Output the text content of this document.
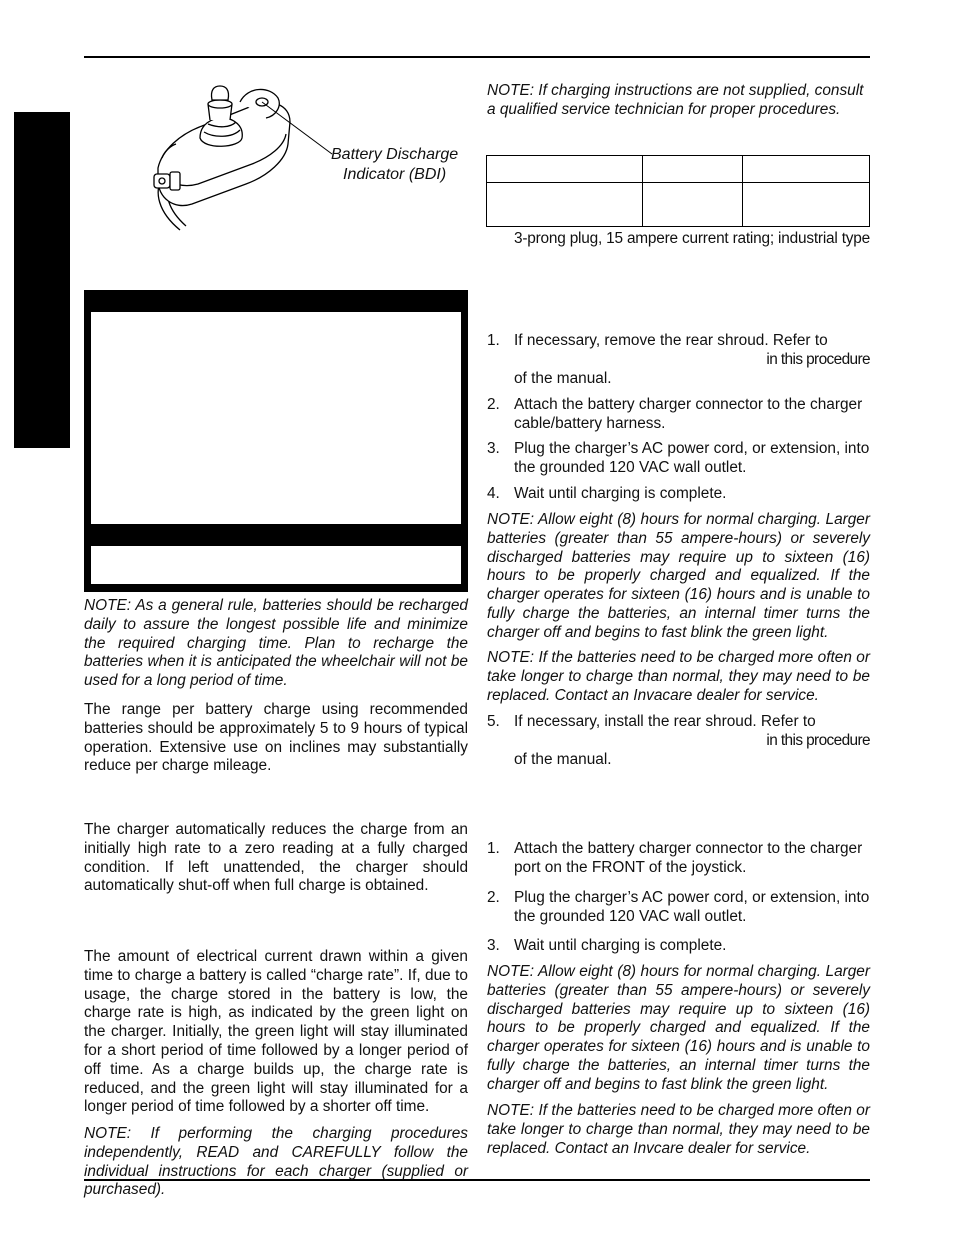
Battery Discharge
Indicator (BDI)

NOTE: If charging instructions are not supplied, consult a qualified service technician for proper procedures.

3-prong plug, 15 ampere current rating; industrial type

NOTE: As a general rule, batteries should be recharged daily to assure the longest possible life and minimize the required charging time. Plan to recharge the batteries when it is anticipated the wheelchair will not be used for a long period of time.

The range per battery charge using recommended batteries should be approximately 5 to 9 hours of typical operation. Extensive use on inclines may substantially reduce per charge mileage.

The charger automatically reduces the charge from an initially high rate to a zero reading at a fully charged condition. If left unattended, the charger should automatically shut-off when full charge is obtained.

The amount of electrical current drawn within a given time to charge a battery is called “charge rate”. If, due to usage, the charge stored in the battery is low, the charge rate is high, as indicated by the green light on the charger. Initially, the green light will stay illuminated for a short period of time followed by a longer period of off time. As a charge builds up, the charge rate is reduced, and the green light will stay illuminated for a longer period of time followed by a shorter off time.

NOTE: If performing the charging procedures independently, READ and CAREFULLY follow the individual instructions for each charger (supplied or purchased).

1. If necessary, remove the rear shroud. Refer to
in this procedure
of the manual.
2. Attach the battery charger connector to the charger cable/battery harness.
3. Plug the charger’s AC power cord, or extension, into the grounded 120 VAC wall outlet.
4. Wait until charging is complete.

NOTE: Allow eight (8) hours for normal charging. Larger batteries (greater than 55 ampere-hours) or severely discharged batteries may require up to sixteen (16) hours to be properly charged and equalized. If the charger operates for sixteen (16) hours and is unable to fully charge the batteries, an internal timer turns the charger off and begins to fast blink the green light.

NOTE: If the batteries need to be charged more often or take longer to charge than normal, they may need to be replaced. Contact an Invacare dealer for service.

5. If necessary, install the rear shroud. Refer to
in this procedure
of the manual.
1. Attach the battery charger connector to the charger port on the FRONT of the joystick.
2. Plug the charger’s AC power cord, or extension, into the grounded 120 VAC wall outlet.
3. Wait until charging is complete.

NOTE: Allow eight (8) hours for normal charging. Larger batteries (greater than 55 ampere-hours) or severely discharged batteries may require up to sixteen (16) hours to be properly charged and equalized. If the charger operates for sixteen (16) hours and is unable to fully charge the batteries, an internal timer turns the charger off and begins to fast blink the green light.

NOTE: If the batteries need to be charged more often or take longer to charge than normal, they may need to be replaced. Contact an Invcare dealer for service.
